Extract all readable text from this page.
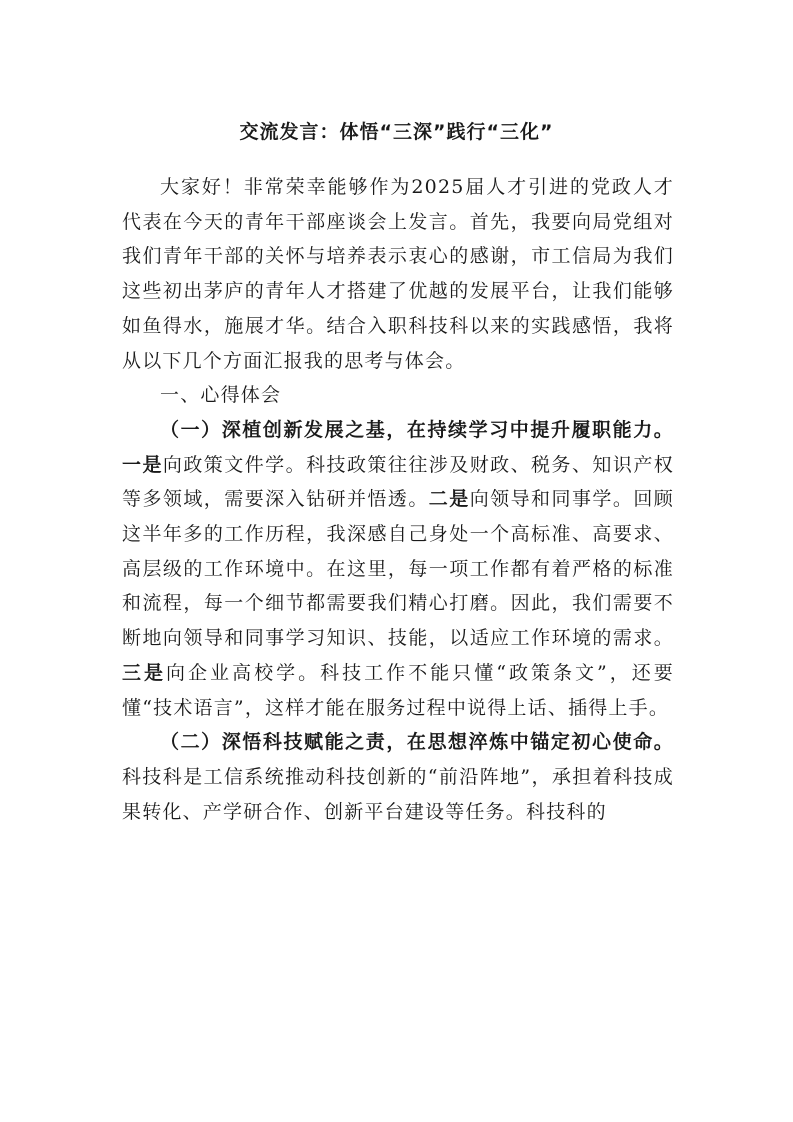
交流发言：体悟“三深”践行“三化”

大家好！非常荣幸能够作为2025届人才引进的党政人才代表在今天的青年干部座谈会上发言。首先，我要向局党组对我们青年干部的关怀与培养表示衷心的感谢，市工信局为我们这些初出茅庐的青年人才搭建了优越的发展平台，让我们能够如鱼得水，施展才华。结合入职科技科以来的实践感悟，我将从以下几个方面汇报我的思考与体会。

一、心得体会

（一）深植创新发展之基，在持续学习中提升履职能力。一是向政策文件学。科技政策往往涉及财政、税务、知识产权等多领域，需要深入钻研并悟透。二是向领导和同事学。回顾这半年多的工作历程，我深感自己身处一个高标准、高要求、高层级的工作环境中。在这里，每一项工作都有着严格的标准和流程，每一个细节都需要我们精心打磨。因此，我们需要不断地向领导和同事学习知识、技能，以适应工作环境的需求。三是向企业高校学。科技工作不能只懂“政策条文”，还要懂“技术语言”，这样才能在服务过程中说得上话、插得上手。

（二）深悟科技赋能之责，在思想淬炼中锚定初心使命。科技科是工信系统推动科技创新的“前沿阵地”，承担着科技成果转化、产学研合作、创新平台建设等任务。科技科的
